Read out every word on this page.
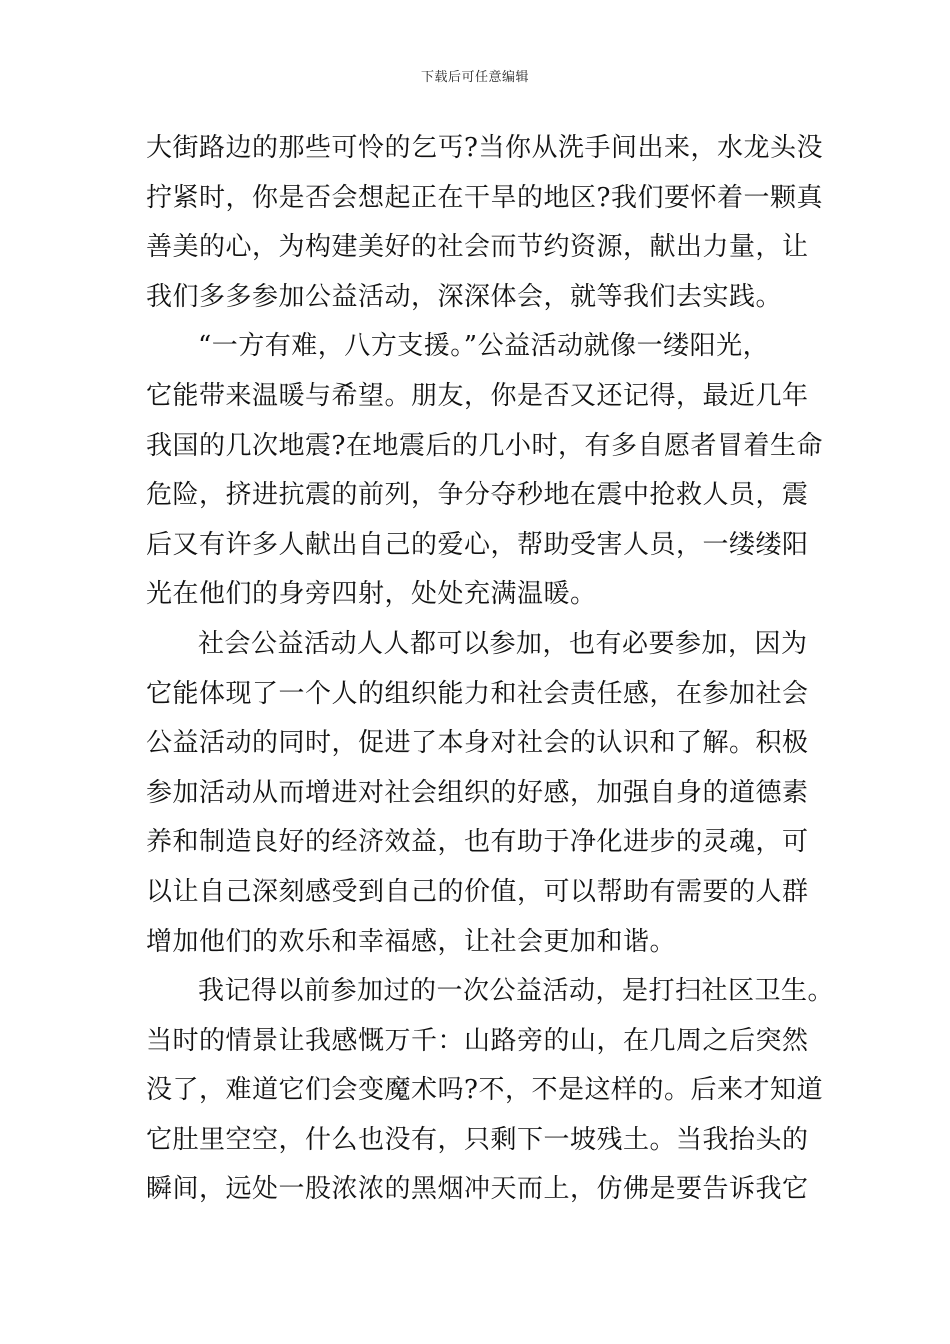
下载后可任意编辑
大街路边的那些可怜的乞丐?当你从洗手间出来，水龙头没
拧紧时，你是否会想起正在干旱的地区?我们要怀着一颗真
善美的心，为构建美好的社会而节约资源，献出力量，让
我们多多参加公益活动，深深体会，就等我们去实践。
“一方有难，八方支援。”公益活动就像一缕阳光，
它能带来温暖与希望。朋友，你是否又还记得，最近几年
我国的几次地震?在地震后的几小时，有多自愿者冒着生命
危险，挤进抗震的前列，争分夺秒地在震中抢救人员，震
后又有许多人献出自己的爱心，帮助受害人员，一缕缕阳
光在他们的身旁四射，处处充满温暖。
社会公益活动人人都可以参加，也有必要参加，因为
它能体现了一个人的组织能力和社会责任感，在参加社会
公益活动的同时，促进了本身对社会的认识和了解。积极
参加活动从而增进对社会组织的好感，加强自身的道德素
养和制造良好的经济效益，也有助于净化进步的灵魂，可
以让自己深刻感受到自己的价值，可以帮助有需要的人群
增加他们的欢乐和幸福感，让社会更加和谐。
我记得以前参加过的一次公益活动，是打扫社区卫生。
当时的情景让我感慨万千：山路旁的山，在几周之后突然
没了，难道它们会变魔术吗?不，不是这样的。后来才知道
它肚里空空，什么也没有，只剩下一坡残土。当我抬头的
瞬间，远处一股浓浓的黑烟冲天而上，仿佛是要告诉我它
